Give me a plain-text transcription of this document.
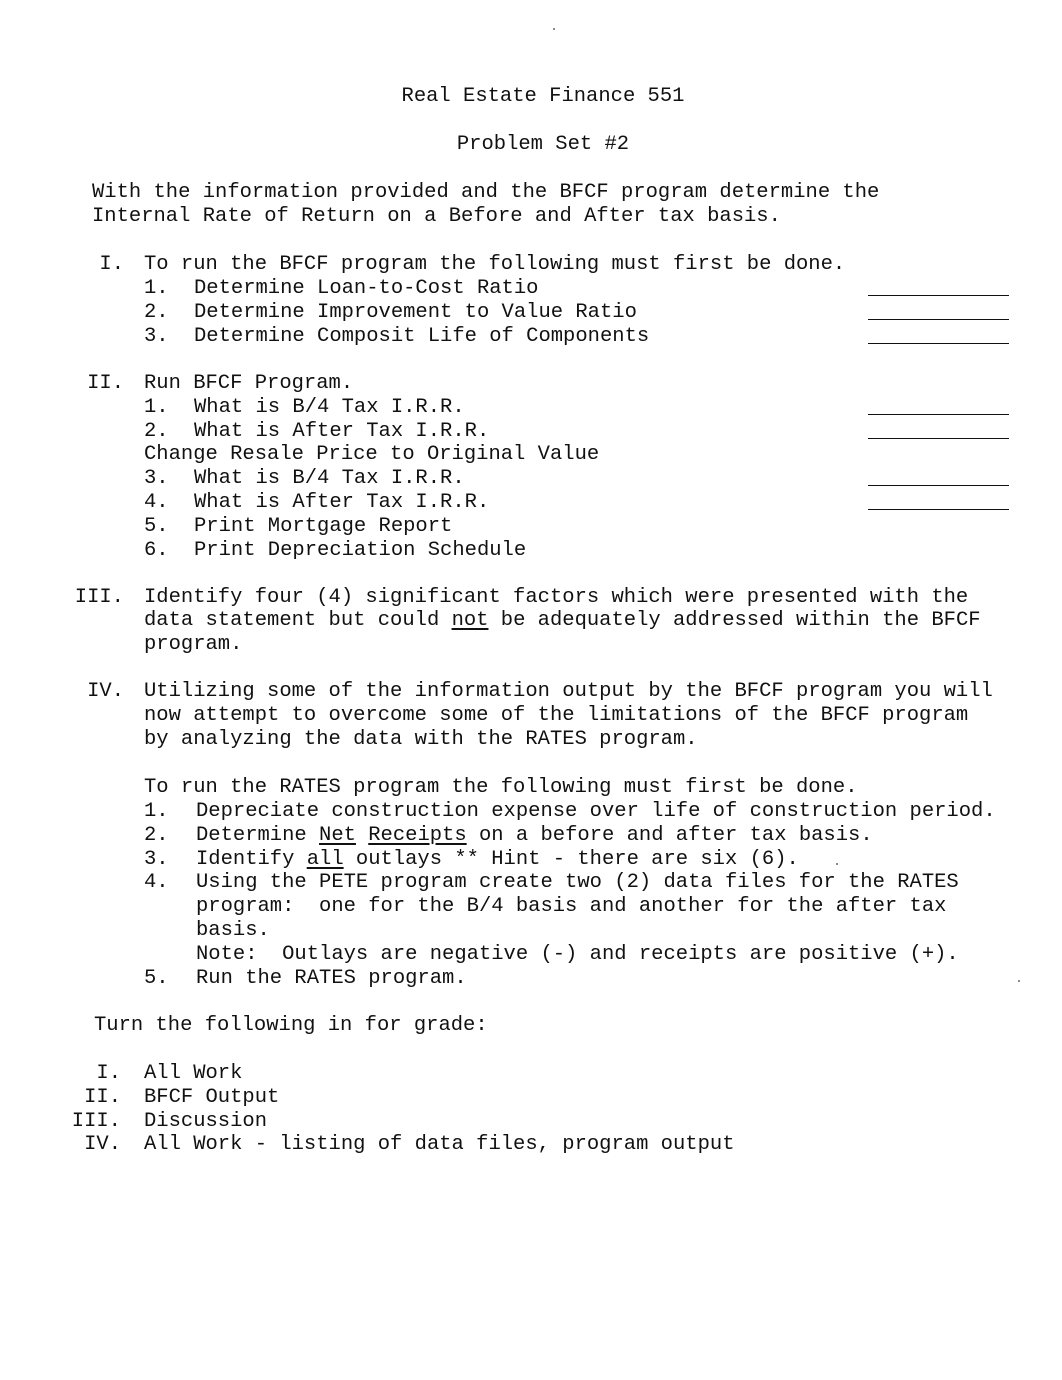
Real Estate Finance 551
Problem Set #2
With the information provided and the BFCF program determine the
Internal Rate of Return on a Before and After tax basis.
I. To run the BFCF program the following must first be done.
1. Determine Loan-to-Cost Ratio
2. Determine Improvement to Value Ratio
3. Determine Composit Life of Components
II. Run BFCF Program.
1. What is B/4 Tax I.R.R.
2. What is After Tax I.R.R.
Change Resale Price to Original Value
3. What is B/4 Tax I.R.R.
4. What is After Tax I.R.R.
5. Print Mortgage Report
6. Print Depreciation Schedule
III. Identify four (4) significant factors which were presented with the
data statement but could not be adequately addressed within the BFCF
program.
IV. Utilizing some of the information output by the BFCF program you will
now attempt to overcome some of the limitations of the BFCF program
by analyzing the data with the RATES program.
To run the RATES program the following must first be done.
1. Depreciate construction expense over life of construction period.
2. Determine Net Receipts on a before and after tax basis.
3. Identify all outlays ** Hint - there are six (6).
4. Using the PETE program create two (2) data files for the RATES
program:  one for the B/4 basis and another for the after tax
basis.
Note:  Outlays are negative (-) and receipts are positive (+).
5. Run the RATES program.
Turn the following in for grade:
I. All Work
II. BFCF Output
III. Discussion
IV. All Work - listing of data files, program output
